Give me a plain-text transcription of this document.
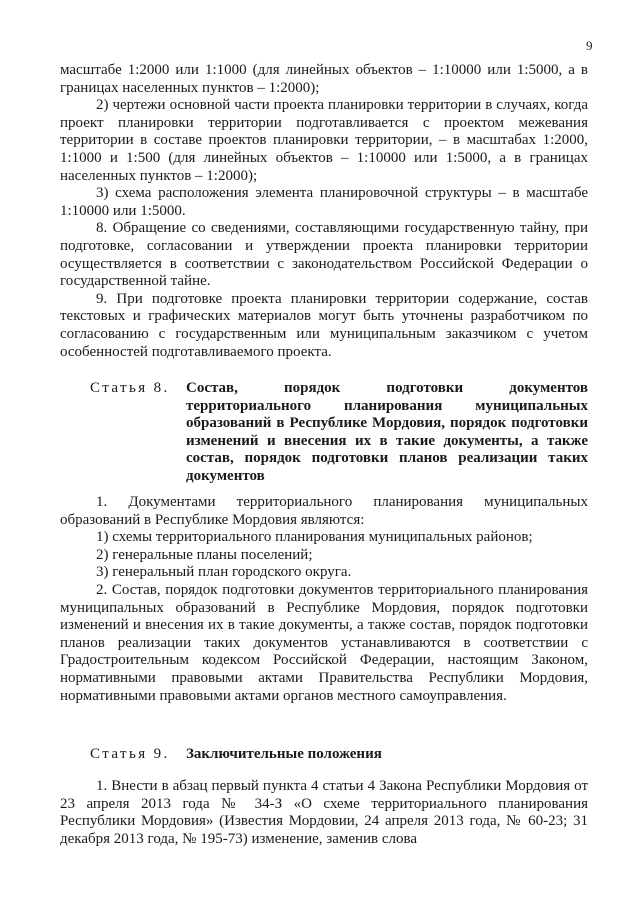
9

масштабе 1:2000 или 1:1000 (для линейных объектов – 1:10000 или 1:5000, а в границах населенных пунктов – 1:2000);

2) чертежи основной части проекта планировки территории в случаях, когда проект планировки территории подготавливается с проектом межевания территории в составе проектов планировки территории, – в масштабах 1:2000, 1:1000 и 1:500 (для линейных объектов – 1:10000 или 1:5000, а в границах населенных пунктов – 1:2000);

3) схема расположения элемента планировочной структуры – в масштабе 1:10000 или 1:5000.

8. Обращение со сведениями, составляющими государственную тайну, при подготовке, согласовании и утверждении проекта планировки территории осуществляется в соответствии с законодательством Российской Федерации о государственной тайне.

9. При подготовке проекта планировки территории содержание, состав текстовых и графических материалов могут быть уточнены разработчиком по согласованию с государственным или муниципальным заказчиком с учетом особенностей подготавливаемого проекта.

Статья 8. Состав, порядок подготовки документов территориального планирования муниципальных образований в Республике Мордовия, порядок подготовки изменений и внесения их в такие документы, а также состав, порядок подготовки планов реализации таких документов

1. Документами территориального планирования муниципальных образований в Республике Мордовия являются:

1) схемы территориального планирования муниципальных районов;

2) генеральные планы поселений;

3) генеральный план городского округа.

2. Состав, порядок подготовки документов территориального планирования муниципальных образований в Республике Мордовия, порядок подготовки изменений и внесения их в такие документы, а также состав, порядок подготовки планов реализации таких документов устанавливаются в соответствии с Градостроительным кодексом Российской Федерации, настоящим Законом, нормативными правовыми актами Правительства Республики Мордовия, нормативными правовыми актами органов местного самоуправления.

Статья 9. Заключительные положения

1. Внести в абзац первый пункта 4 статьи 4 Закона Республики Мордовия от 23 апреля 2013 года № 34-З «О схеме территориального планирования Республики Мордовия» (Известия Мордовии, 24 апреля 2013 года, № 60-23; 31 декабря 2013 года, № 195-73) изменение, заменив слова
